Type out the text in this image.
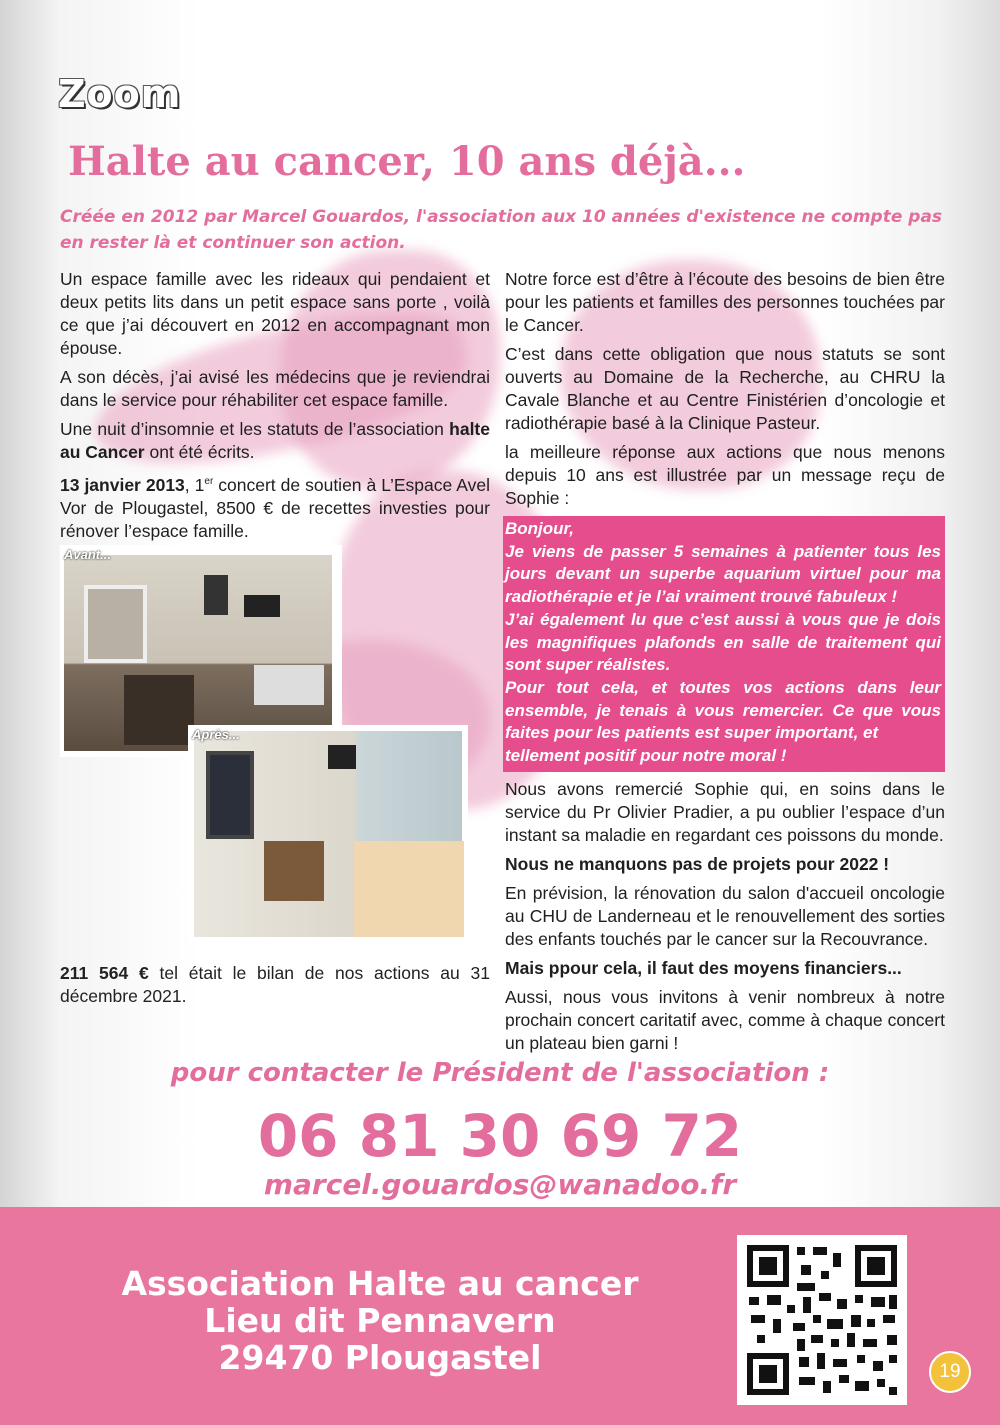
Zoom
Halte au cancer, 10 ans déjà...

Créée en 2012 par Marcel Gouardos, l'association aux 10 années d'existence ne compte pas en rester là et continuer son action.

Un espace famille avec les rideaux qui pendaient et deux petits lits dans un petit espace sans porte , voilà ce que j’ai découvert en 2012 en accompagnant mon épouse.

A son décès, j’ai avisé les médecins que je reviendrai dans le service pour réhabiliter cet espace famille.

Une nuit d’insomnie et les statuts de l’association halte au Cancer ont été écrits.

13 janvier 2013, 1er concert de soutien à L’Espace Avel Vor de Plougastel, 8500 € de recettes investies pour rénover l’espace famille.

Avant...
Après...

211 564 € tel était le bilan de nos actions au 31 décembre 2021.

Notre force est d’être à l’écoute des besoins de bien être pour les patients et familles des personnes touchées par le Cancer.

C’est dans cette obligation que nous statuts se sont ouverts au Domaine de la Recherche, au CHRU la Cavale Blanche et au Centre Finistérien d’oncologie et radiothérapie basé à la Clinique Pasteur.

la meilleure réponse aux actions que nous menons depuis 10 ans est illustrée par un message reçu de Sophie :

Bonjour,
Je viens de passer 5 semaines à patienter tous les jours devant un superbe aquarium virtuel pour ma radiothérapie et je l’ai vraiment trouvé fabuleux !
J’ai également lu que c’est aussi à vous que je dois les magnifiques plafonds en salle de traitement qui sont super réalistes.
Pour tout cela, et toutes vos actions dans leur ensemble, je tenais à vous remercier. Ce que vous faites pour les patients est super important, et
tellement positif pour notre moral !

Nous avons remercié Sophie qui, en soins dans le service du Pr Olivier Pradier, a pu oublier l’espace d’un instant sa maladie en regardant ces poissons du monde.

Nous ne manquons pas de projets pour 2022 !

En prévision, la rénovation du salon d'accueil oncologie au CHU de Landerneau et le renouvellement des sorties des enfants touchés par le cancer sur la Recouvrance.

Mais ppour cela, il faut des moyens financiers...

Aussi, nous vous invitons à venir nombreux à notre prochain concert caritatif avec, comme à chaque concert un plateau bien garni !

pour contacter le Président de l'association :

06 81 30 69 72

marcel.gouardos@wanadoo.fr

Association Halte au cancer
Lieu dit Pennavern
29470 Plougastel	19
